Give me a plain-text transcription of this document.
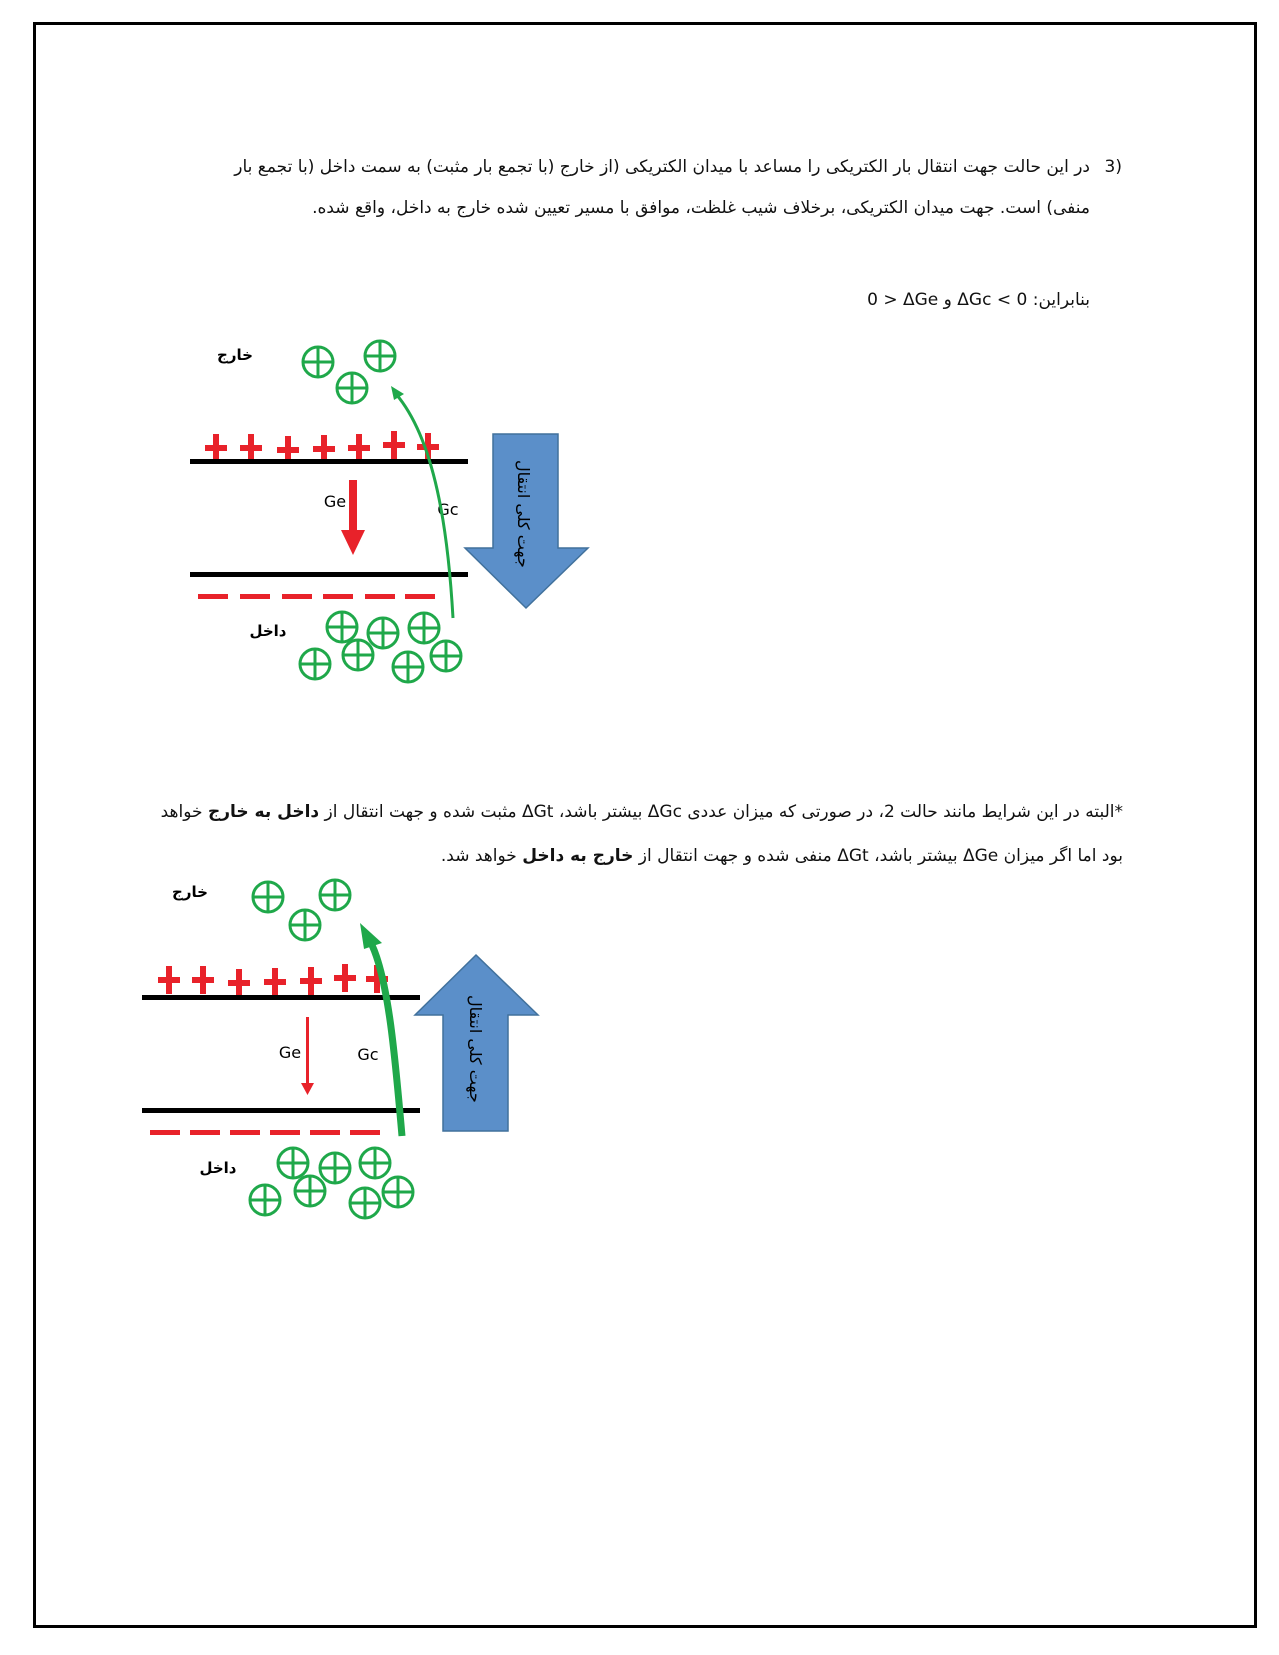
3)
در این حالت جهت انتقال بار الکتریکی را مساعد با میدان الکتریکی (از خارج (با تجمع بار مثبت) به سمت داخل (با تجمع بار منفی) است. جهت میدان الکتریکی، برخلاف شیب غلظت، موافق با مسیر تعیین شده خارج به داخل، واقع شده.
بنابراین: ΔGc < 0 و 0 > ΔGe
خارج
Ge	Gc	جهت کلی انتقال
داخل
*البته در این شرایط مانند حالت 2، در صورتی که میزان عددی ΔGc بیشتر باشد، ΔGt مثبت شده و جهت انتقال از داخل به خارج خواهد بود اما اگر میزان ΔGe بیشتر باشد، ΔGt منفی شده و جهت انتقال از خارج به داخل خواهد شد.
خارج
Ge	Gc	جهت کلی انتقال
داخل
